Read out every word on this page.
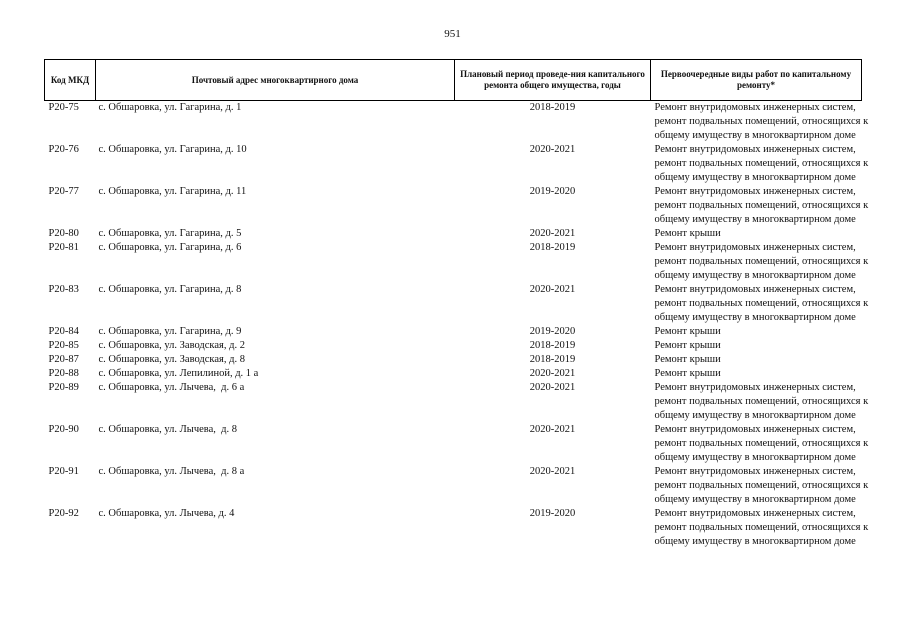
951
Код МКД	Почтовый адрес многоквартирного дома	Плановый период проведе-ния капитального ремонта общего имущества, годы	Первоочередные виды работ по капитальному ремонту*
Р20-75	с. Обшаровка, ул. Гагарина, д. 1	2018-2019	Ремонт внутридомовых инженерных систем,
ремонт подвальных помещений, относящихся к
общему имуществу в многоквартирном доме

Р20-76	с. Обшаровка, ул. Гагарина, д. 10	2020-2021	Ремонт внутридомовых инженерных систем,
ремонт подвальных помещений, относящихся к
общему имуществу в многоквартирном доме

Р20-77	с. Обшаровка, ул. Гагарина, д. 11	2019-2020	Ремонт внутридомовых инженерных систем,
ремонт подвальных помещений, относящихся к
общему имуществу в многоквартирном доме

Р20-80	с. Обшаровка, ул. Гагарина, д. 5	2020-2021	Ремонт крыши

Р20-81	с. Обшаровка, ул. Гагарина, д. 6	2018-2019	Ремонт внутридомовых инженерных систем,
ремонт подвальных помещений, относящихся к
общему имуществу в многоквартирном доме

Р20-83	с. Обшаровка, ул. Гагарина, д. 8	2020-2021	Ремонт внутридомовых инженерных систем,
ремонт подвальных помещений, относящихся к
общему имуществу в многоквартирном доме

Р20-84	с. Обшаровка, ул. Гагарина, д. 9	2019-2020	Ремонт крыши

Р20-85	с. Обшаровка, ул. Заводская, д. 2	2018-2019	Ремонт крыши

Р20-87	с. Обшаровка, ул. Заводская, д. 8	2018-2019	Ремонт крыши

Р20-88	с. Обшаровка, ул. Лепилиной, д. 1 а	2020-2021	Ремонт крыши

Р20-89	с. Обшаровка, ул. Лычева,  д. 6 а	2020-2021	Ремонт внутридомовых инженерных систем,
ремонт подвальных помещений, относящихся к
общему имуществу в многоквартирном доме

Р20-90	с. Обшаровка, ул. Лычева,  д. 8	2020-2021	Ремонт внутридомовых инженерных систем,
ремонт подвальных помещений, относящихся к
общему имуществу в многоквартирном доме

Р20-91	с. Обшаровка, ул. Лычева,  д. 8 а	2020-2021	Ремонт внутридомовых инженерных систем,
ремонт подвальных помещений, относящихся к
общему имуществу в многоквартирном доме

Р20-92	с. Обшаровка, ул. Лычева, д. 4	2019-2020	Ремонт внутридомовых инженерных систем,
ремонт подвальных помещений, относящихся к
общему имуществу в многоквартирном доме
